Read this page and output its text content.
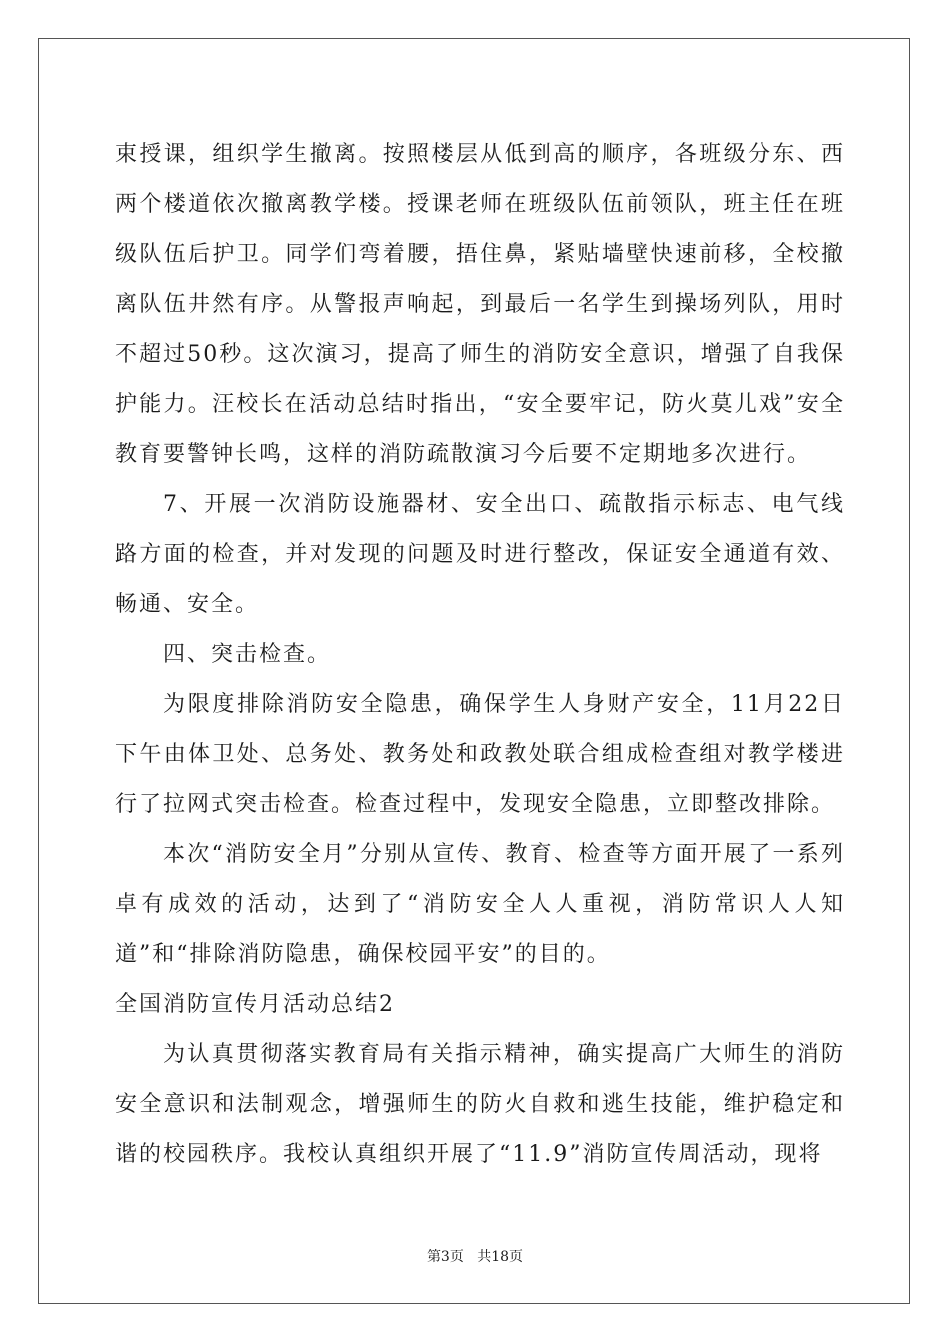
束授课，组织学生撤离。按照楼层从低到高的顺序，各班级分东、西两个楼道依次撤离教学楼。授课老师在班级队伍前领队，班主任在班级队伍后护卫。同学们弯着腰，捂住鼻，紧贴墙壁快速前移，全校撤离队伍井然有序。从警报声响起，到最后一名学生到操场列队，用时不超过50秒。这次演习，提高了师生的消防安全意识，增强了自我保护能力。汪校长在活动总结时指出，“安全要牢记，防火莫儿戏”安全教育要警钟长鸣，这样的消防疏散演习今后要不定期地多次进行。

7、开展一次消防设施器材、安全出口、疏散指示标志、电气线路方面的检查，并对发现的问题及时进行整改，保证安全通道有效、畅通、安全。

四、突击检查。

为限度排除消防安全隐患，确保学生人身财产安全，11月22日下午由体卫处、总务处、教务处和政教处联合组成检查组对教学楼进行了拉网式突击检查。检查过程中，发现安全隐患，立即整改排除。

本次“消防安全月”分别从宣传、教育、检查等方面开展了一系列卓有成效的活动，达到了“消防安全人人重视，消防常识人人知道”和“排除消防隐患，确保校园平安”的目的。

全国消防宣传月活动总结2

为认真贯彻落实教育局有关指示精神，确实提高广大师生的消防安全意识和法制观念，增强师生的防火自救和逃生技能，维护稳定和谐的校园秩序。我校认真组织开展了“11.9”消防宣传周活动，现将

第3页 共18页
